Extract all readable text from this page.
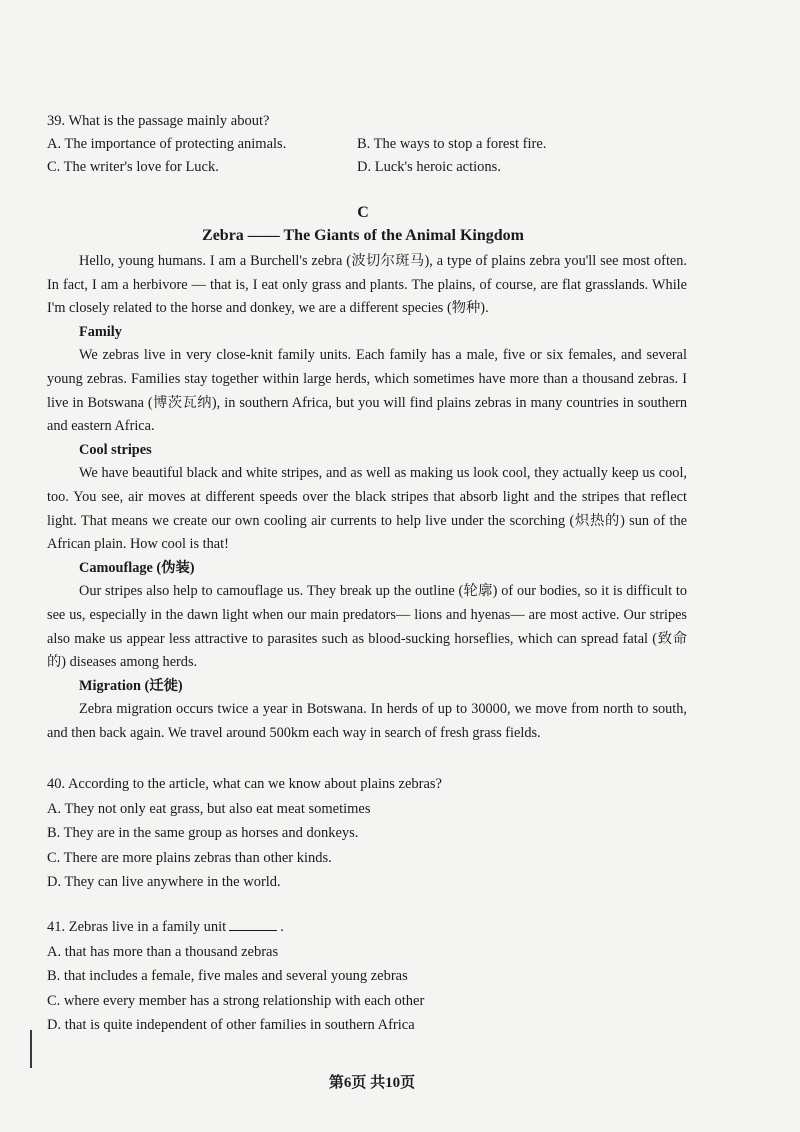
39. What is the passage mainly about?
A. The importance of protecting animals.	B. The ways to stop a forest fire.
C. The writer's love for Luck.	D. Luck's heroic actions.
C
Zebra —— The Giants of the Animal Kingdom

Hello, young humans. I am a Burchell's zebra (波切尔斑马), a type of plains zebra you'll see most often. In fact, I am a herbivore — that is, I eat only grass and plants. The plains, of course, are flat grasslands. While I'm closely related to the horse and donkey, we are a different species (物种).

Family

We zebras live in very close-knit family units. Each family has a male, five or six females, and several young zebras. Families stay together within large herds, which sometimes have more than a thousand zebras. I live in Botswana (博茨瓦纳), in southern Africa, but you will find plains zebras in many countries in southern and eastern Africa.

Cool stripes

We have beautiful black and white stripes, and as well as making us look cool, they actually keep us cool, too. You see, air moves at different speeds over the black stripes that absorb light and the stripes that reflect light. That means we create our own cooling air currents to help live under the scorching (炽热的) sun of the African plain. How cool is that!

Camouflage (伪装)

Our stripes also help to camouflage us. They break up the outline (轮廓) of our bodies, so it is difficult to see us, especially in the dawn light when our main predators— lions and hyenas— are most active. Our stripes also make us appear less attractive to parasites such as blood-sucking horseflies, which can spread fatal (致命的) diseases among herds.

Migration (迁徙)

Zebra migration occurs twice a year in Botswana. In herds of up to 30000, we move from north to south, and then back again. We travel around 500km each way in search of fresh grass fields.

40. According to the article, what can we know about plains zebras?
A. They not only eat grass, but also eat meat sometimes
B. They are in the same group as horses and donkeys.
C. There are more plains zebras than other kinds.
D. They can live anywhere in the world.
41. Zebras live in a family unit	.
A. that has more than a thousand zebras
B. that includes a female, five males and several young zebras
C. where every member has a strong relationship with each other
D. that is quite independent of other families in southern Africa
第6页 共10页
